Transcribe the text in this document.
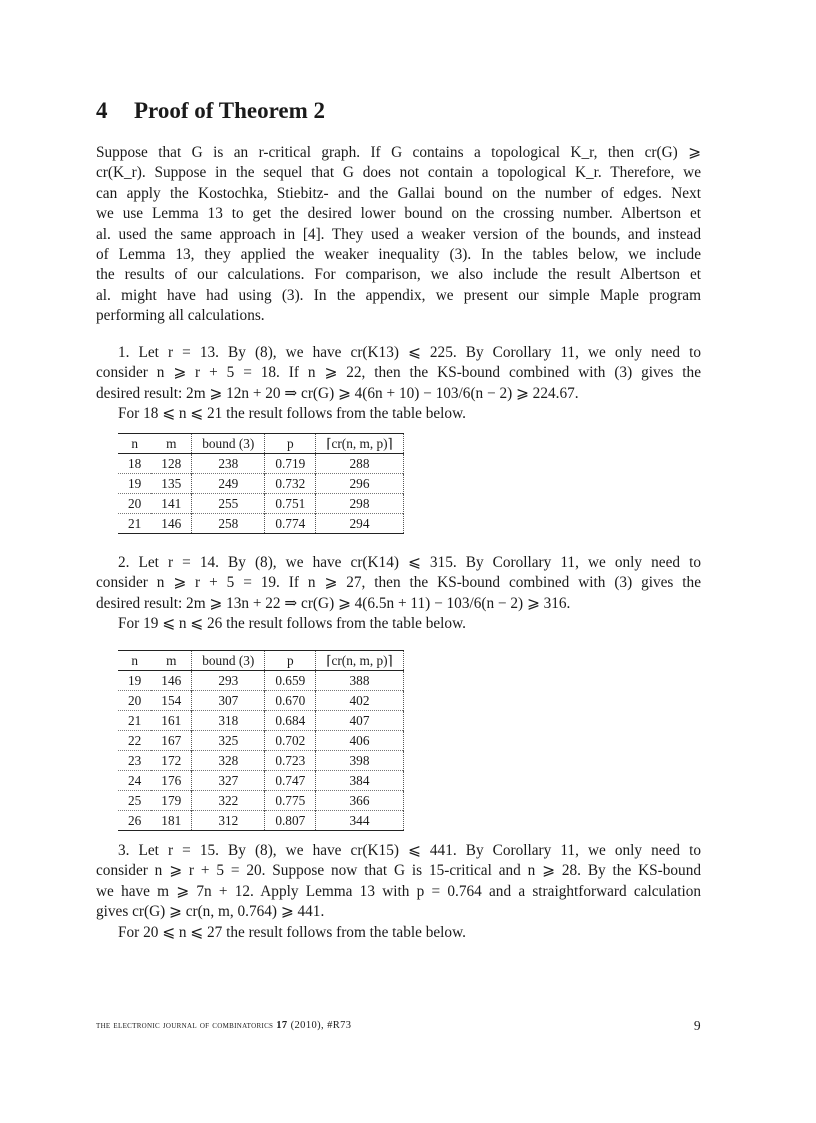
4 Proof of Theorem 2
Suppose that G is an r-critical graph. If G contains a topological K_r, then cr(G) ⩾
cr(K_r). Suppose in the sequel that G does not contain a topological K_r. Therefore, we
can apply the Kostochka, Stiebitz- and the Gallai bound on the number of edges. Next
we use Lemma 13 to get the desired lower bound on the crossing number. Albertson et
al. used the same approach in [4]. They used a weaker version of the bounds, and instead
of Lemma 13, they applied the weaker inequality (3). In the tables below, we include
the results of our calculations. For comparison, we also include the result Albertson et
al. might have had using (3). In the appendix, we present our simple Maple program
performing all calculations.
1. Let r = 13. By (8), we have cr(K13) ⩽ 225. By Corollary 11, we only need to
consider n ⩾ r + 5 = 18. If n ⩾ 22, then the KS-bound combined with (3) gives the
desired result: 2m ⩾ 12n + 20 ⇒ cr(G) ⩾ 4(6n + 10) − 103/6(n − 2) ⩾ 224.67.
For 18 ⩽ n ⩽ 21 the result follows from the table below.
n	m	bound (3)	p	⌈cr(n, m, p)⌉
18	128	238	0.719	288
19	135	249	0.732	296
20	141	255	0.751	298
21	146	258	0.774	294
2. Let r = 14. By (8), we have cr(K14) ⩽ 315. By Corollary 11, we only need to
consider n ⩾ r + 5 = 19. If n ⩾ 27, then the KS-bound combined with (3) gives the
desired result: 2m ⩾ 13n + 22 ⇒ cr(G) ⩾ 4(6.5n + 11) − 103/6(n − 2) ⩾ 316.
For 19 ⩽ n ⩽ 26 the result follows from the table below.
n	m	bound (3)	p	⌈cr(n, m, p)⌉
19	146	293	0.659	388
20	154	307	0.670	402
21	161	318	0.684	407
22	167	325	0.702	406
23	172	328	0.723	398
24	176	327	0.747	384
25	179	322	0.775	366
26	181	312	0.807	344
3. Let r = 15. By (8), we have cr(K15) ⩽ 441. By Corollary 11, we only need to
consider n ⩾ r + 5 = 20. Suppose now that G is 15-critical and n ⩾ 28. By the KS-bound
we have m ⩾ 7n + 12. Apply Lemma 13 with p = 0.764 and a straightforward calculation
gives cr(G) ⩾ cr(n, m, 0.764) ⩾ 441.
For 20 ⩽ n ⩽ 27 the result follows from the table below.
the electronic journal of combinatorics 17 (2010), #R73	9
